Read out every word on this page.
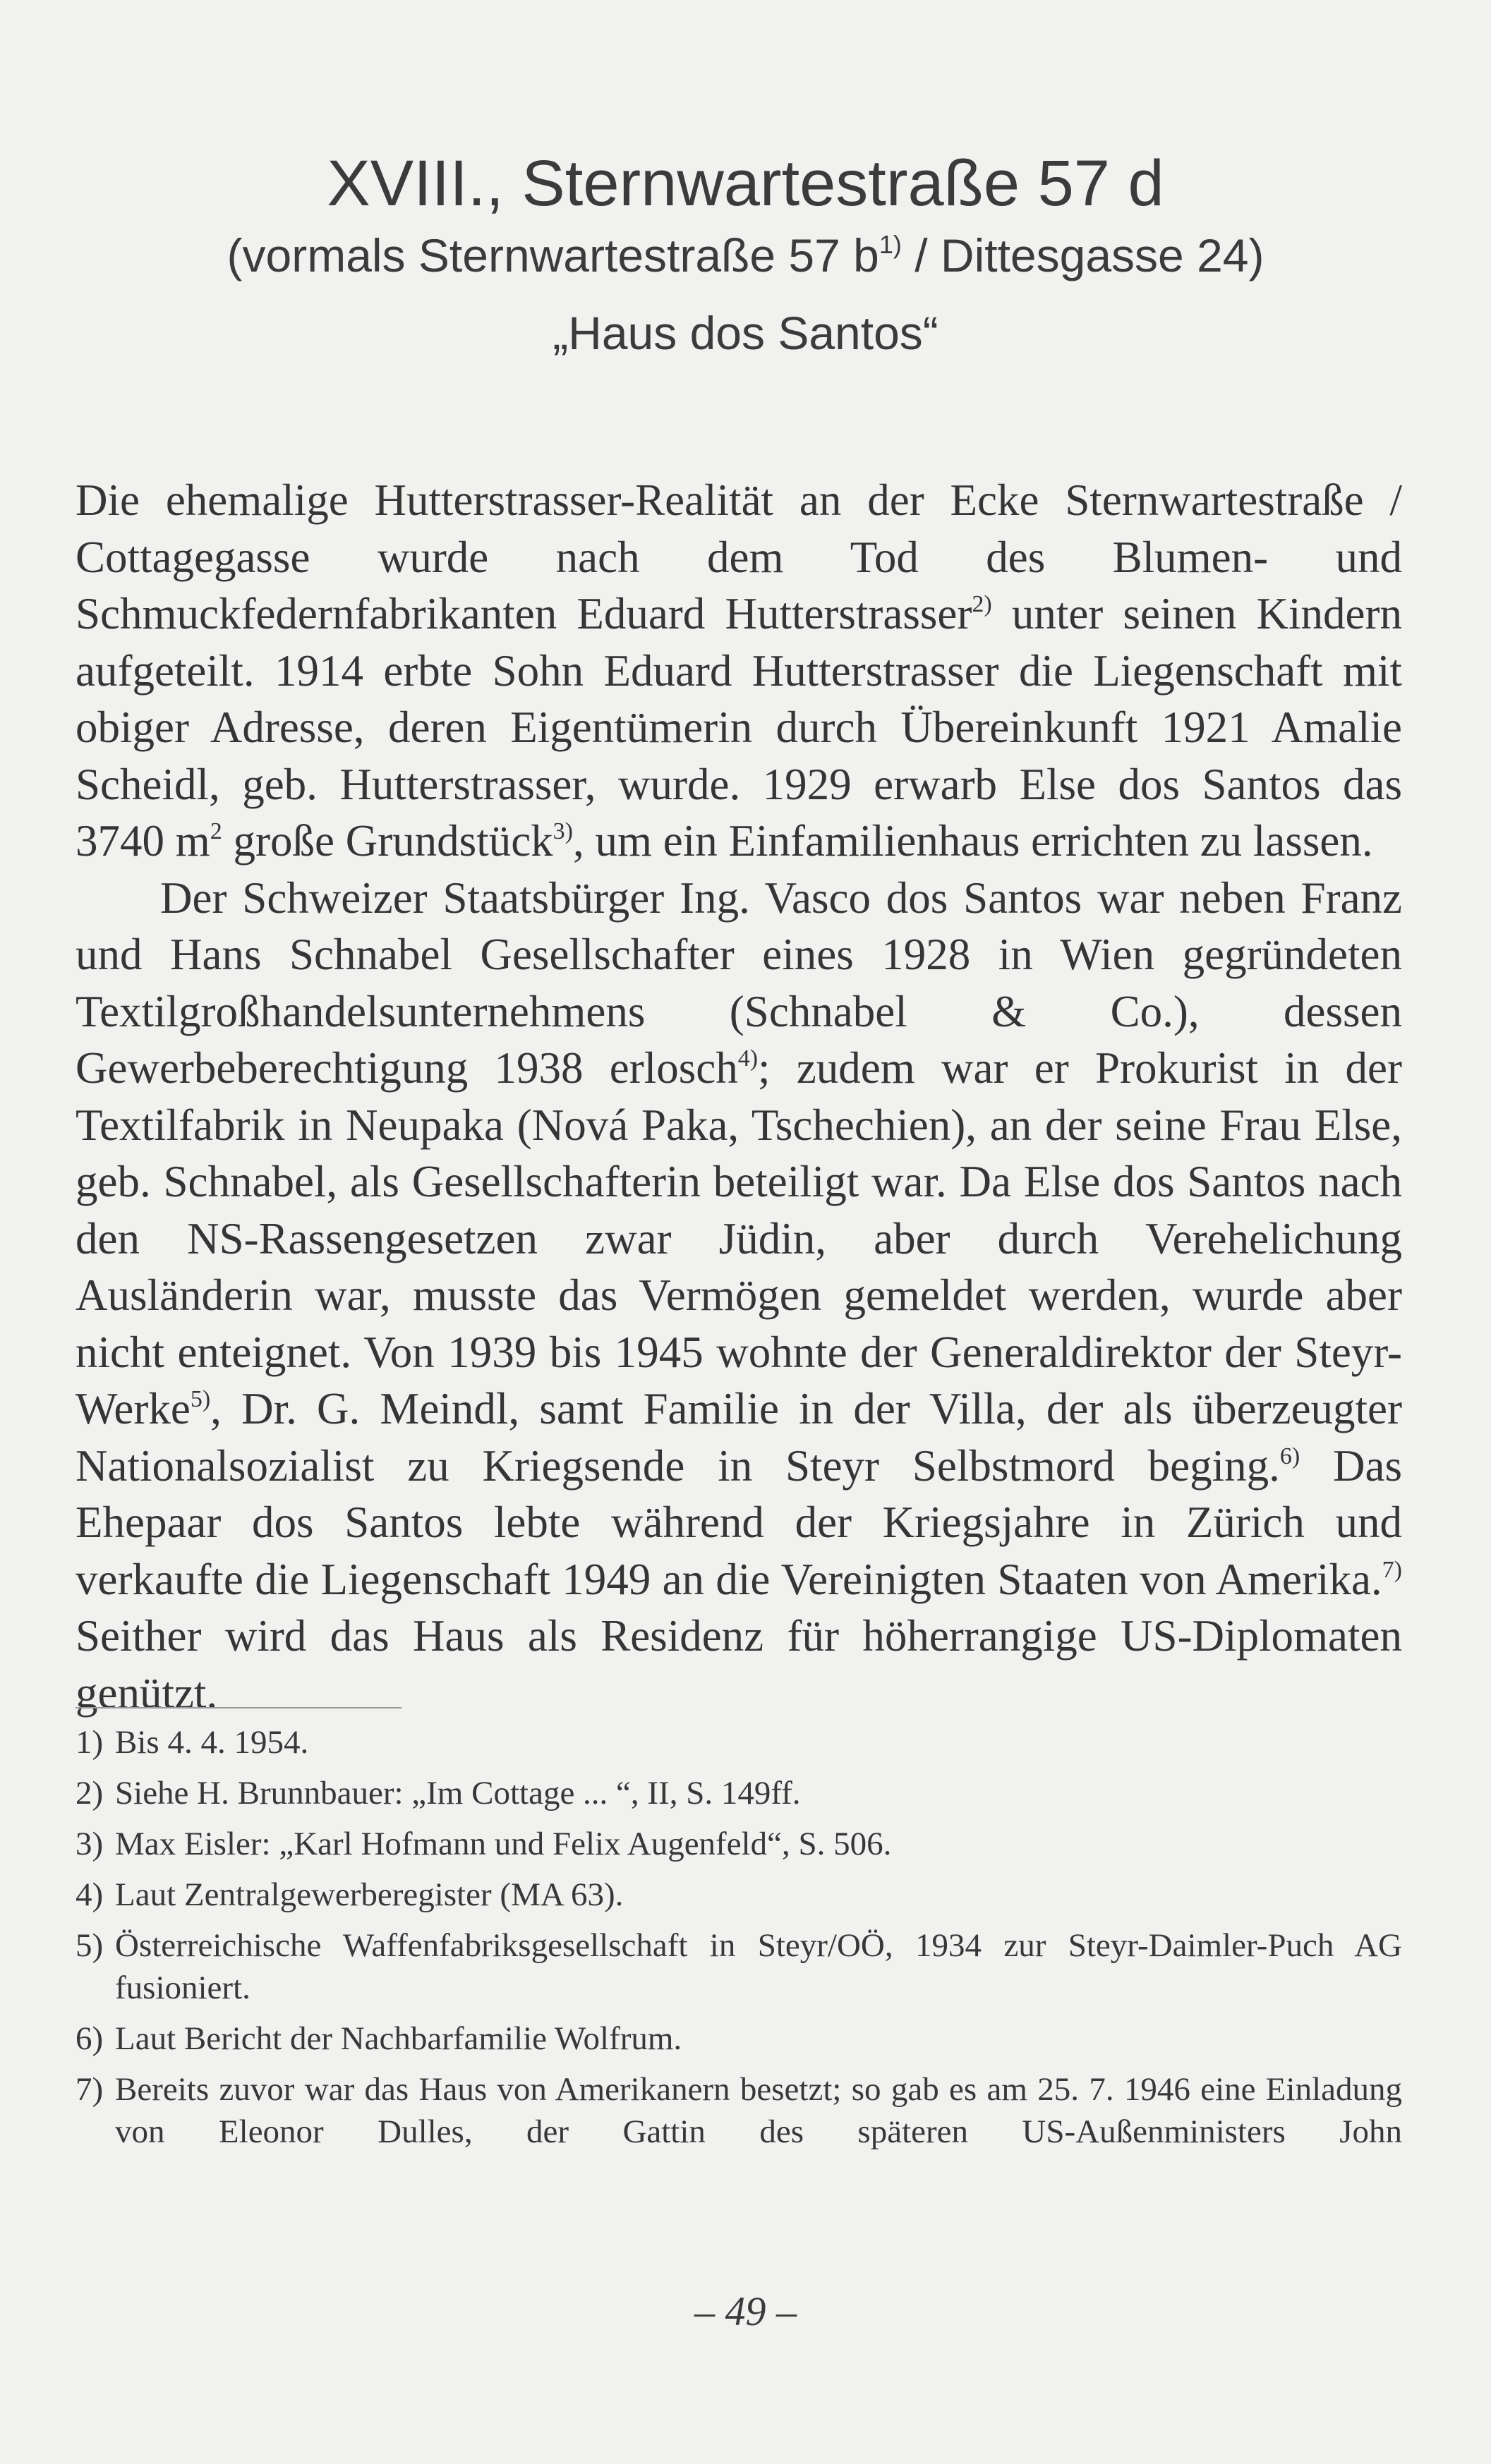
XVIII., Sternwartestraße 57 d
(vormals Sternwartestraße 57 $b^{1)}$ / Dittesgasse 24)
„Haus dos Santos“

Die ehemalige Hutterstrasser-Realität an der Ecke Sternwartestraße / Cottagegasse wurde nach dem Tod des Blumen- und Schmuckfedernfabrikanten Eduard Hutterstrasser$^{2)}$ unter seinen Kindern aufgeteilt. 1914 erbte Sohn Eduard Hutterstrasser die Liegenschaft mit obiger Adresse, deren Eigentümerin durch Übereinkunft 1921 Amalie Scheidl, geb. Hutterstrasser, wurde. 1929 erwarb Else dos Santos das 3740 $m^2$ große Grundstück$^{3)}$, um ein Einfamilienhaus errichten zu lassen.

Der Schweizer Staatsbürger Ing. Vasco dos Santos war neben Franz und Hans Schnabel Gesellschafter eines 1928 in Wien gegründeten Textilgroßhandelsunternehmens (Schnabel & Co.), dessen Gewerbeberechtigung 1938 erlosch$^{4)}$; zudem war er Prokurist in der Textilfabrik in Neupaka (Nová Paka, Tschechien), an der seine Frau Else, geb. Schnabel, als Gesellschafterin beteiligt war. Da Else dos Santos nach den NS-Rassengesetzen zwar Jüdin, aber durch Verehelichung Ausländerin war, musste das Vermögen gemeldet werden, wurde aber nicht enteignet. Von 1939 bis 1945 wohnte der Generaldirektor der Steyr-Werke$^{5)}$, Dr. G. Meindl, samt Familie in der Villa, der als überzeugter Nationalsozialist zu Kriegsende in Steyr Selbstmord beging.$^{6)}$ Das Ehepaar dos Santos lebte während der Kriegsjahre in Zürich und verkaufte die Liegenschaft 1949 an die Vereinigten Staaten von Amerika.$^{7)}$ Seither wird das Haus als Residenz für höherrangige US-Diplomaten genützt.

1) Bis 4. 4. 1954.
2) Siehe H. Brunnbauer: „Im Cottage ... “, II, S. 149ff.
3) Max Eisler: „Karl Hofmann und Felix Augenfeld“, S. 506.
4) Laut Zentralgewerberegister (MA 63).
5) Österreichische Waffenfabriksgesellschaft in Steyr/OÖ, 1934 zur Steyr-Daimler-Puch AG fusioniert.
6) Laut Bericht der Nachbarfamilie Wolfrum.
7) Bereits zuvor war das Haus von Amerikanern besetzt; so gab es am 25. 7. 1946 eine Einladung von Eleonor Dulles, der Gattin des späteren US-Außenministers John
– 49 –
